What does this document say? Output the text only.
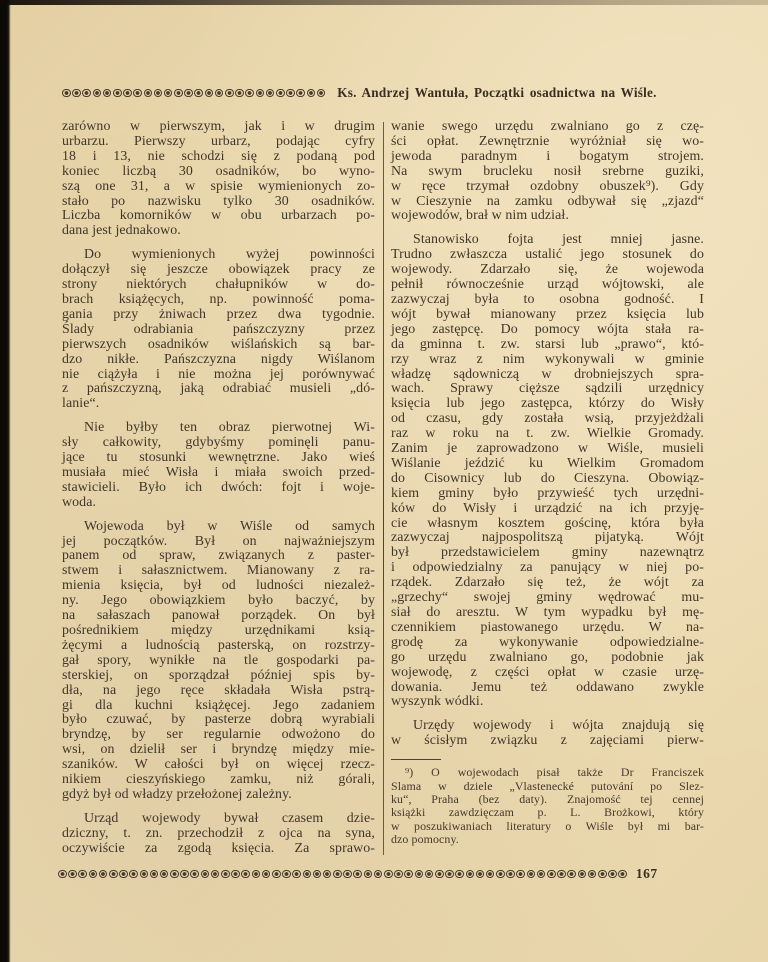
Ks. Andrzej Wantuła, Początki osadnictwa na Wiśle.
zarówno w pierwszym, jak i w drugim
urbarzu. Pierwszy urbarz, podając cyfry
18 i 13, nie schodzi się z podaną pod
koniec liczbą 30 osadników, bo wyno-
szą one 31, a w spisie wymienionych zo-
stało po nazwisku tylko 30 osadników.
Liczba komorników w obu urbarzach po-
dana jest jednakowo.
Do wymienionych wyżej powinności
dołączył się jeszcze obowiązek pracy ze
strony niektórych chałupników w do-
brach książęcych, np. powinność poma-
gania przy żniwach przez dwa tygodnie.
Ślady odrabiania pańszczyzny przez
pierwszych osadników wiślańskich są bar-
dzo nikłe. Pańszczyzna nigdy Wiślanom
nie ciążyła i nie można jej porównywać
z pańszczyzną, jaką odrabiać musieli „dó-
lanie“.
Nie byłby ten obraz pierwotnej Wi-
sły całkowity, gdybyśmy pominęli panu-
jące tu stosunki wewnętrzne. Jako wieś
musiała mieć Wisła i miała swoich przed-
stawicieli. Było ich dwóch: fojt i woje-
woda.
Wojewoda był w Wiśle od samych
jej początków. Był on najważniejszym
panem od spraw, związanych z paster-
stwem i sałasznictwem. Mianowany z ra-
mienia księcia, był od ludności niezależ-
ny. Jego obowiązkiem było baczyć, by
na sałaszach panował porządek. On był
pośrednikiem między urzędnikami ksią-
żęcymi a ludnością pasterską, on rozstrzy-
gał spory, wynikłe na tle gospodarki pa-
sterskiej, on sporządzał później spis by-
dła, na jego ręce składała Wisła pstrą-
gi dla kuchni książęcej. Jego zadaniem
było czuwać, by pasterze dobrą wyrabiali
bryndzę, by ser regularnie odwożono do
wsi, on dzielił ser i bryndzę między mie-
szaników. W całości był on więcej rzecz-
nikiem cieszyńskiego zamku, niż górali,
gdyż był od władzy przełożonej zależny.
Urząd wojewody bywał czasem dzie-
dziczny, t. zn. przechodził z ojca na syna,
oczywiście za zgodą księcia. Za sprawo-
wanie swego urzędu zwalniano go z czę-
ści opłat. Zewnętrznie wyróżniał się wo-
jewoda paradnym i bogatym strojem.
Na swym brucleku nosił srebrne guziki,
w ręce trzymał ozdobny obuszek⁹). Gdy
w Cieszynie na zamku odbywał się „zjazd“
wojewodów, brał w nim udział.
Stanowisko fojta jest mniej jasne.
Trudno zwłaszcza ustalić jego stosunek do
wojewody. Zdarzało się, że wojewoda
pełnił równocześnie urząd wójtowski, ale
zazwyczaj była to osobna godność. I
wójt bywał mianowany przez księcia lub
jego zastępcę. Do pomocy wójta stała ra-
da gminna t. zw. starsi lub „prawo“, któ-
rzy wraz z nim wykonywali w gminie
władzę sądowniczą w drobniejszych spra-
wach. Sprawy cięższe sądzili urzędnicy
księcia lub jego zastępca, którzy do Wisły
od czasu, gdy została wsią, przyjeżdżali
raz w roku na t. zw. Wielkie Gromady.
Zanim je zaprowadzono w Wiśle, musieli
Wiślanie jeździć ku Wielkim Gromadom
do Cisownicy lub do Cieszyna. Obowiąz-
kiem gminy było przywieść tych urzędni-
ków do Wisły i urządzić na ich przyję-
cie własnym kosztem gościnę, która była
zazwyczaj najpospolitszą pijatyką. Wójt
był przedstawicielem gminy nazewnątrz
i odpowiedzialny za panujący w niej po-
rządek. Zdarzało się też, że wójt za
„grzechy“ swojej gminy wędrować mu-
siał do aresztu. W tym wypadku był mę-
czennikiem piastowanego urzędu. W na-
grodę za wykonywanie odpowiedzialne-
go urzędu zwalniano go, podobnie jak
wojewodę, z części opłat w czasie urzę-
dowania. Jemu też oddawano zwykle
wyszynk wódki.
Urzędy wojewody i wójta znajdują się
w ścisłym związku z zajęciami pierw-
⁹) O wojewodach pisał także Dr Franciszek
Slama w dziele „Vlastenecké putování po Slez-
ku“, Praha (bez daty). Znajomość tej cennej
książki zawdzięczam p. L. Brożkowi, który
w poszukiwaniach literatury o Wiśle był mi bar-
dzo pomocny.
167
